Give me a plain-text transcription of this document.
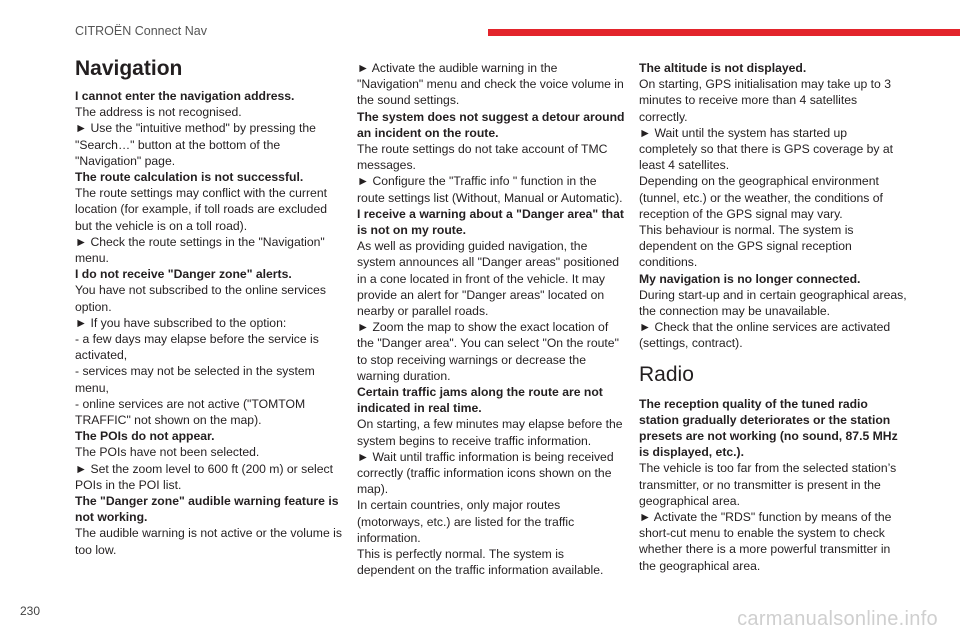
CITROËN Connect Nav
Navigation

I cannot enter the navigation address.

The address is not recognised.

► Use the "intuitive method" by pressing the "Search…" button at the bottom of the "Navigation" page.

The route calculation is not successful.

The route settings may conflict with the current location (for example, if toll roads are excluded but the vehicle is on a toll road).

► Check the route settings in the "Navigation" menu.

I do not receive "Danger zone" alerts.

You have not subscribed to the online services option.

► If you have subscribed to the option:

- a few days may elapse before the service is activated,

- services may not be selected in the system menu,

- online services are not active ("TOMTOM TRAFFIC" not shown on the map).

The POIs do not appear.

The POIs have not been selected.

► Set the zoom level to 600 ft (200 m) or select POIs in the POI list.

The "Danger zone" audible warning feature is not working.

The audible warning is not active or the volume is too low.

► Activate the audible warning in the "Navigation" menu and check the voice volume in the sound settings.

The system does not suggest a detour around an incident on the route.

The route settings do not take account of TMC messages.

► Configure the "Traffic info " function in the route settings list (Without, Manual or Automatic).

I receive a warning about a "Danger area" that is not on my route.

As well as providing guided navigation, the system announces all "Danger areas" positioned in a cone located in front of the vehicle. It may provide an alert for "Danger areas" located on nearby or parallel roads.

► Zoom the map to show the exact location of the "Danger area". You can select "On the route" to stop receiving warnings or decrease the warning duration.

Certain traffic jams along the route are not indicated in real time.

On starting, a few minutes may elapse before the system begins to receive traffic information.

► Wait until traffic information is being received correctly (traffic information icons shown on the map).

In certain countries, only major routes (motorways, etc.) are listed for the traffic information.

This is perfectly normal. The system is dependent on the traffic information available.

The altitude is not displayed.

On starting, GPS initialisation may take up to 3 minutes to receive more than 4 satellites correctly.

► Wait until the system has started up completely so that there is GPS coverage by at least 4 satellites.

Depending on the geographical environment (tunnel, etc.) or the weather, the conditions of reception of the GPS signal may vary.

This behaviour is normal. The system is dependent on the GPS signal reception conditions.

My navigation is no longer connected.

During start-up and in certain geographical areas, the connection may be unavailable.

► Check that the online services are activated (settings, contract).

Radio

The reception quality of the tuned radio station gradually deteriorates or the station presets are not working (no sound, 87.5 MHz is displayed, etc.).

The vehicle is too far from the selected station’s transmitter, or no transmitter is present in the geographical area.

► Activate the "RDS" function by means of the short-cut menu to enable the system to check whether there is a more powerful transmitter in the geographical area.

230	carmanualsonline.info
